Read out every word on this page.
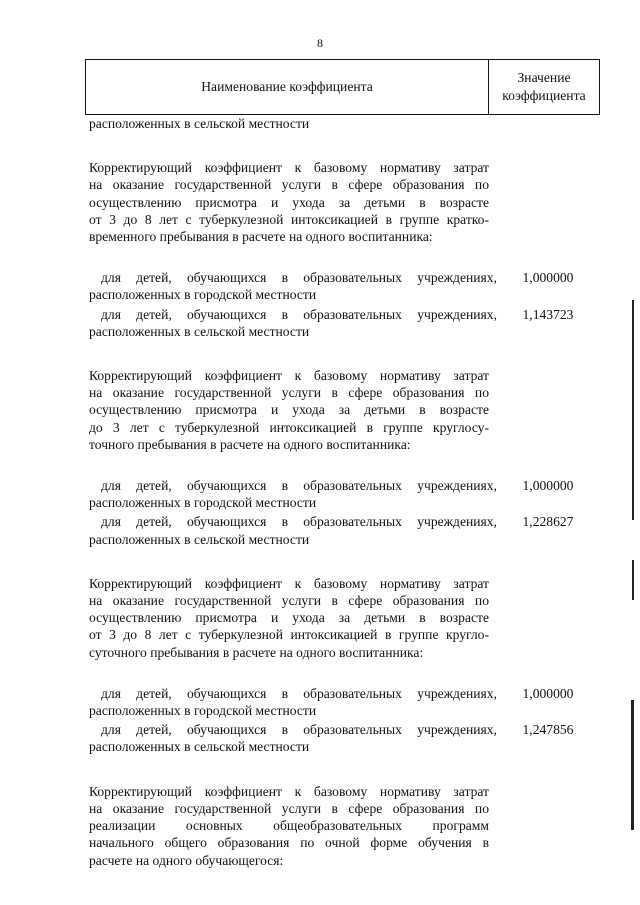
8
Наименование коэффициента
Значение
коэффициента

расположенных в сельской местности

Корректирующий коэффициент к базовому нормативу затрат
на оказание государственной услуги в сфере образования по
осуществлению присмотра и ухода за детьми в возрасте
от 3 до 8 лет с туберкулезной интоксикацией в группе кратко-
временного пребывания в расчете на одного воспитанника:

для детей, обучающихся в образовательных учреждениях,
расположенных в городской местности
1,000000
для детей, обучающихся в образовательных учреждениях,
расположенных в сельской местности
1,143723

Корректирующий коэффициент к базовому нормативу затрат
на оказание государственной услуги в сфере образования по
осуществлению присмотра и ухода за детьми в возрасте
до 3 лет с туберкулезной интоксикацией в группе круглосу-
точного пребывания в расчете на одного воспитанника:

для детей, обучающихся в образовательных учреждениях,
расположенных в городской местности
1,000000
для детей, обучающихся в образовательных учреждениях,
расположенных в сельской местности
1,228627

Корректирующий коэффициент к базовому нормативу затрат
на оказание государственной услуги в сфере образования по
осуществлению присмотра и ухода за детьми в возрасте
от 3 до 8 лет с туберкулезной интоксикацией в группе кругло-
суточного пребывания в расчете на одного воспитанника:

для детей, обучающихся в образовательных учреждениях,
расположенных в городской местности
1,000000
для детей, обучающихся в образовательных учреждениях,
расположенных в сельской местности
1,247856

Корректирующий коэффициент к базовому нормативу затрат
на оказание государственной услуги в сфере образования по
реализации основных общеобразовательных программ
начального общего образования по очной форме обучения в
расчете на одного обучающегося:
